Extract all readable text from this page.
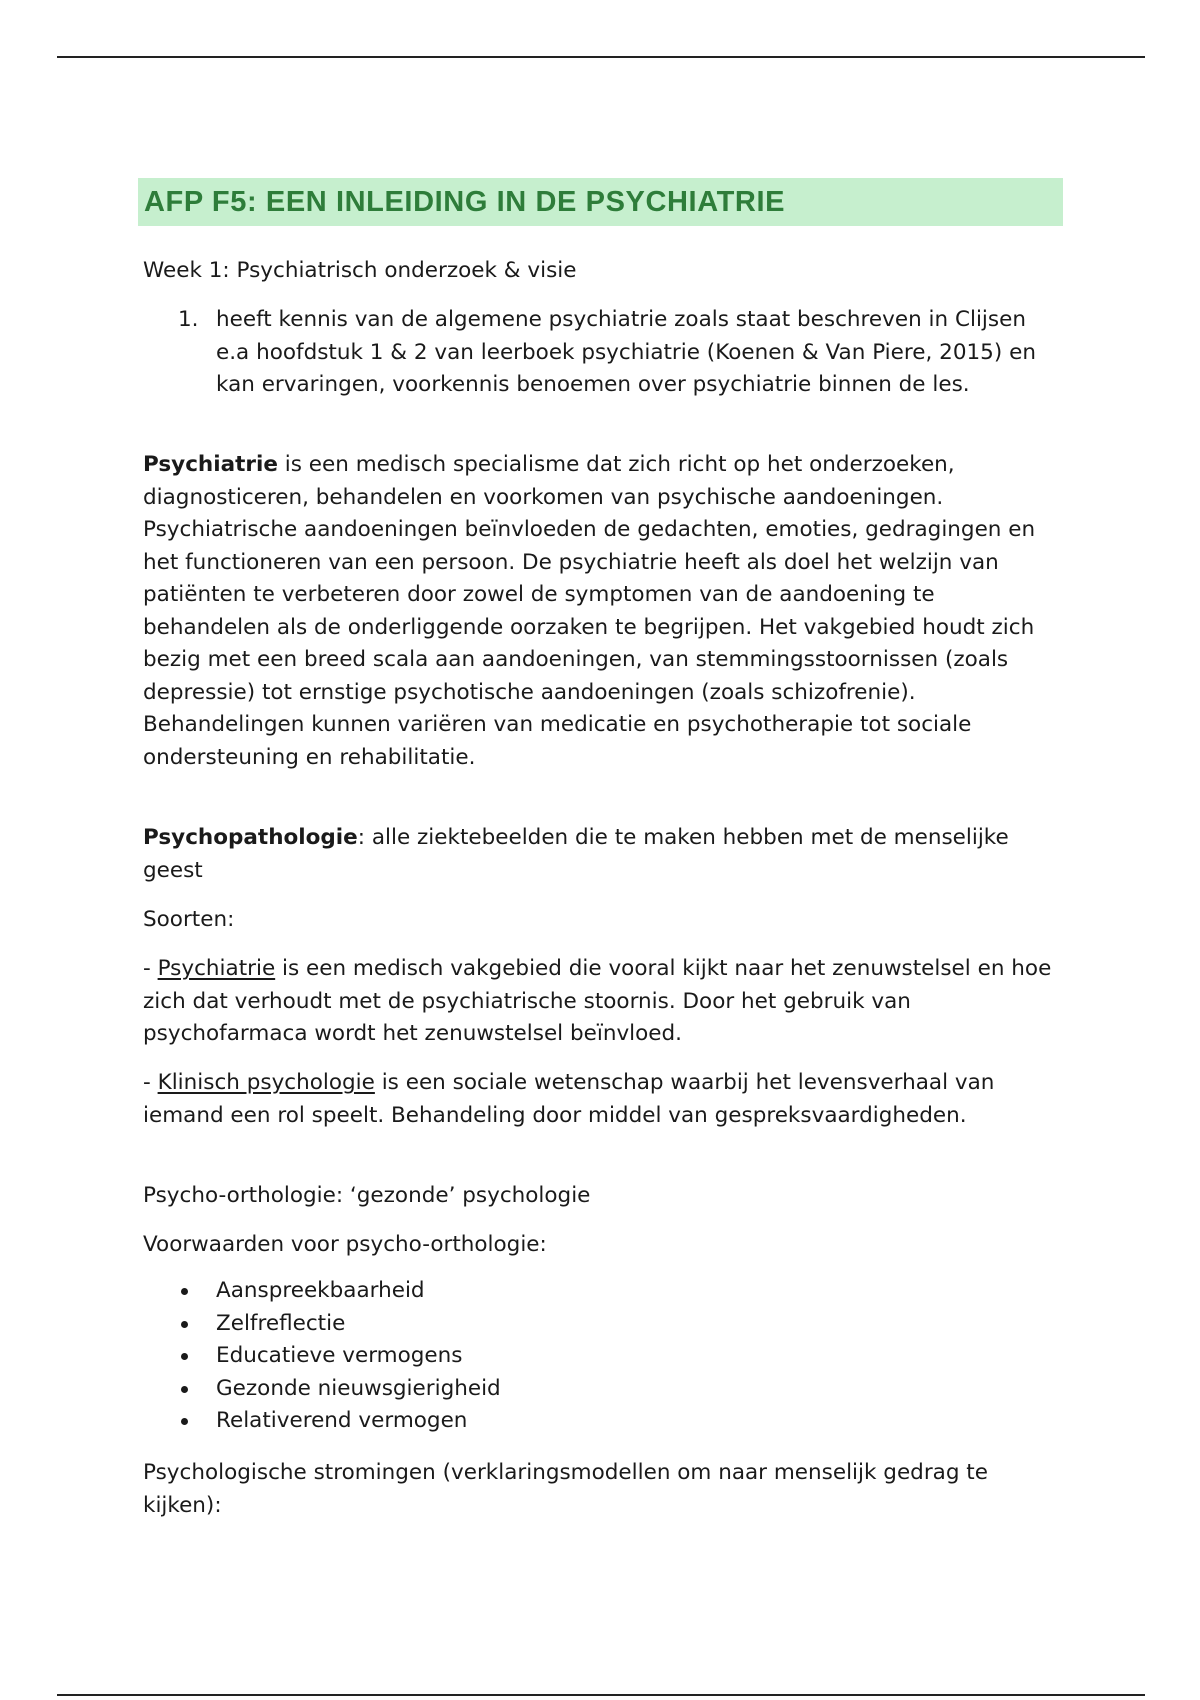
AFP F5: EEN INLEIDING IN DE PSYCHIATRIE

Week 1: Psychiatrisch onderzoek & visie

1. heeft kennis van de algemene psychiatrie zoals staat beschreven in Clijsen e.a hoofdstuk 1 & 2 van leerboek psychiatrie (Koenen & Van Piere, 2015) en kan ervaringen, voorkennis benoemen over psychiatrie binnen de les.

Psychiatrie is een medisch specialisme dat zich richt op het onderzoeken, diagnosticeren, behandelen en voorkomen van psychische aandoeningen. Psychiatrische aandoeningen beïnvloeden de gedachten, emoties, gedragingen en het functioneren van een persoon. De psychiatrie heeft als doel het welzijn van patiënten te verbeteren door zowel de symptomen van de aandoening te behandelen als de onderliggende oorzaken te begrijpen. Het vakgebied houdt zich bezig met een breed scala aan aandoeningen, van stemmingsstoornissen (zoals depressie) tot ernstige psychotische aandoeningen (zoals schizofrenie). Behandelingen kunnen variëren van medicatie en psychotherapie tot sociale ondersteuning en rehabilitatie.

Psychopathologie: alle ziektebeelden die te maken hebben met de menselijke geest

Soorten:

- Psychiatrie is een medisch vakgebied die vooral kijkt naar het zenuwstelsel en hoe zich dat verhoudt met de psychiatrische stoornis. Door het gebruik van psychofarmaca wordt het zenuwstelsel beïnvloed.

- Klinisch psychologie is een sociale wetenschap waarbij het levensverhaal van iemand een rol speelt. Behandeling door middel van gespreksvaardigheden.

Psycho-orthologie: ‘gezonde’ psychologie

Voorwaarden voor psycho-orthologie:

Aanspreekbaarheid
Zelfreflectie
Educatieve vermogens
Gezonde nieuwsgierigheid
Relativerend vermogen

Psychologische stromingen (verklaringsmodellen om naar menselijk gedrag te kijken):
